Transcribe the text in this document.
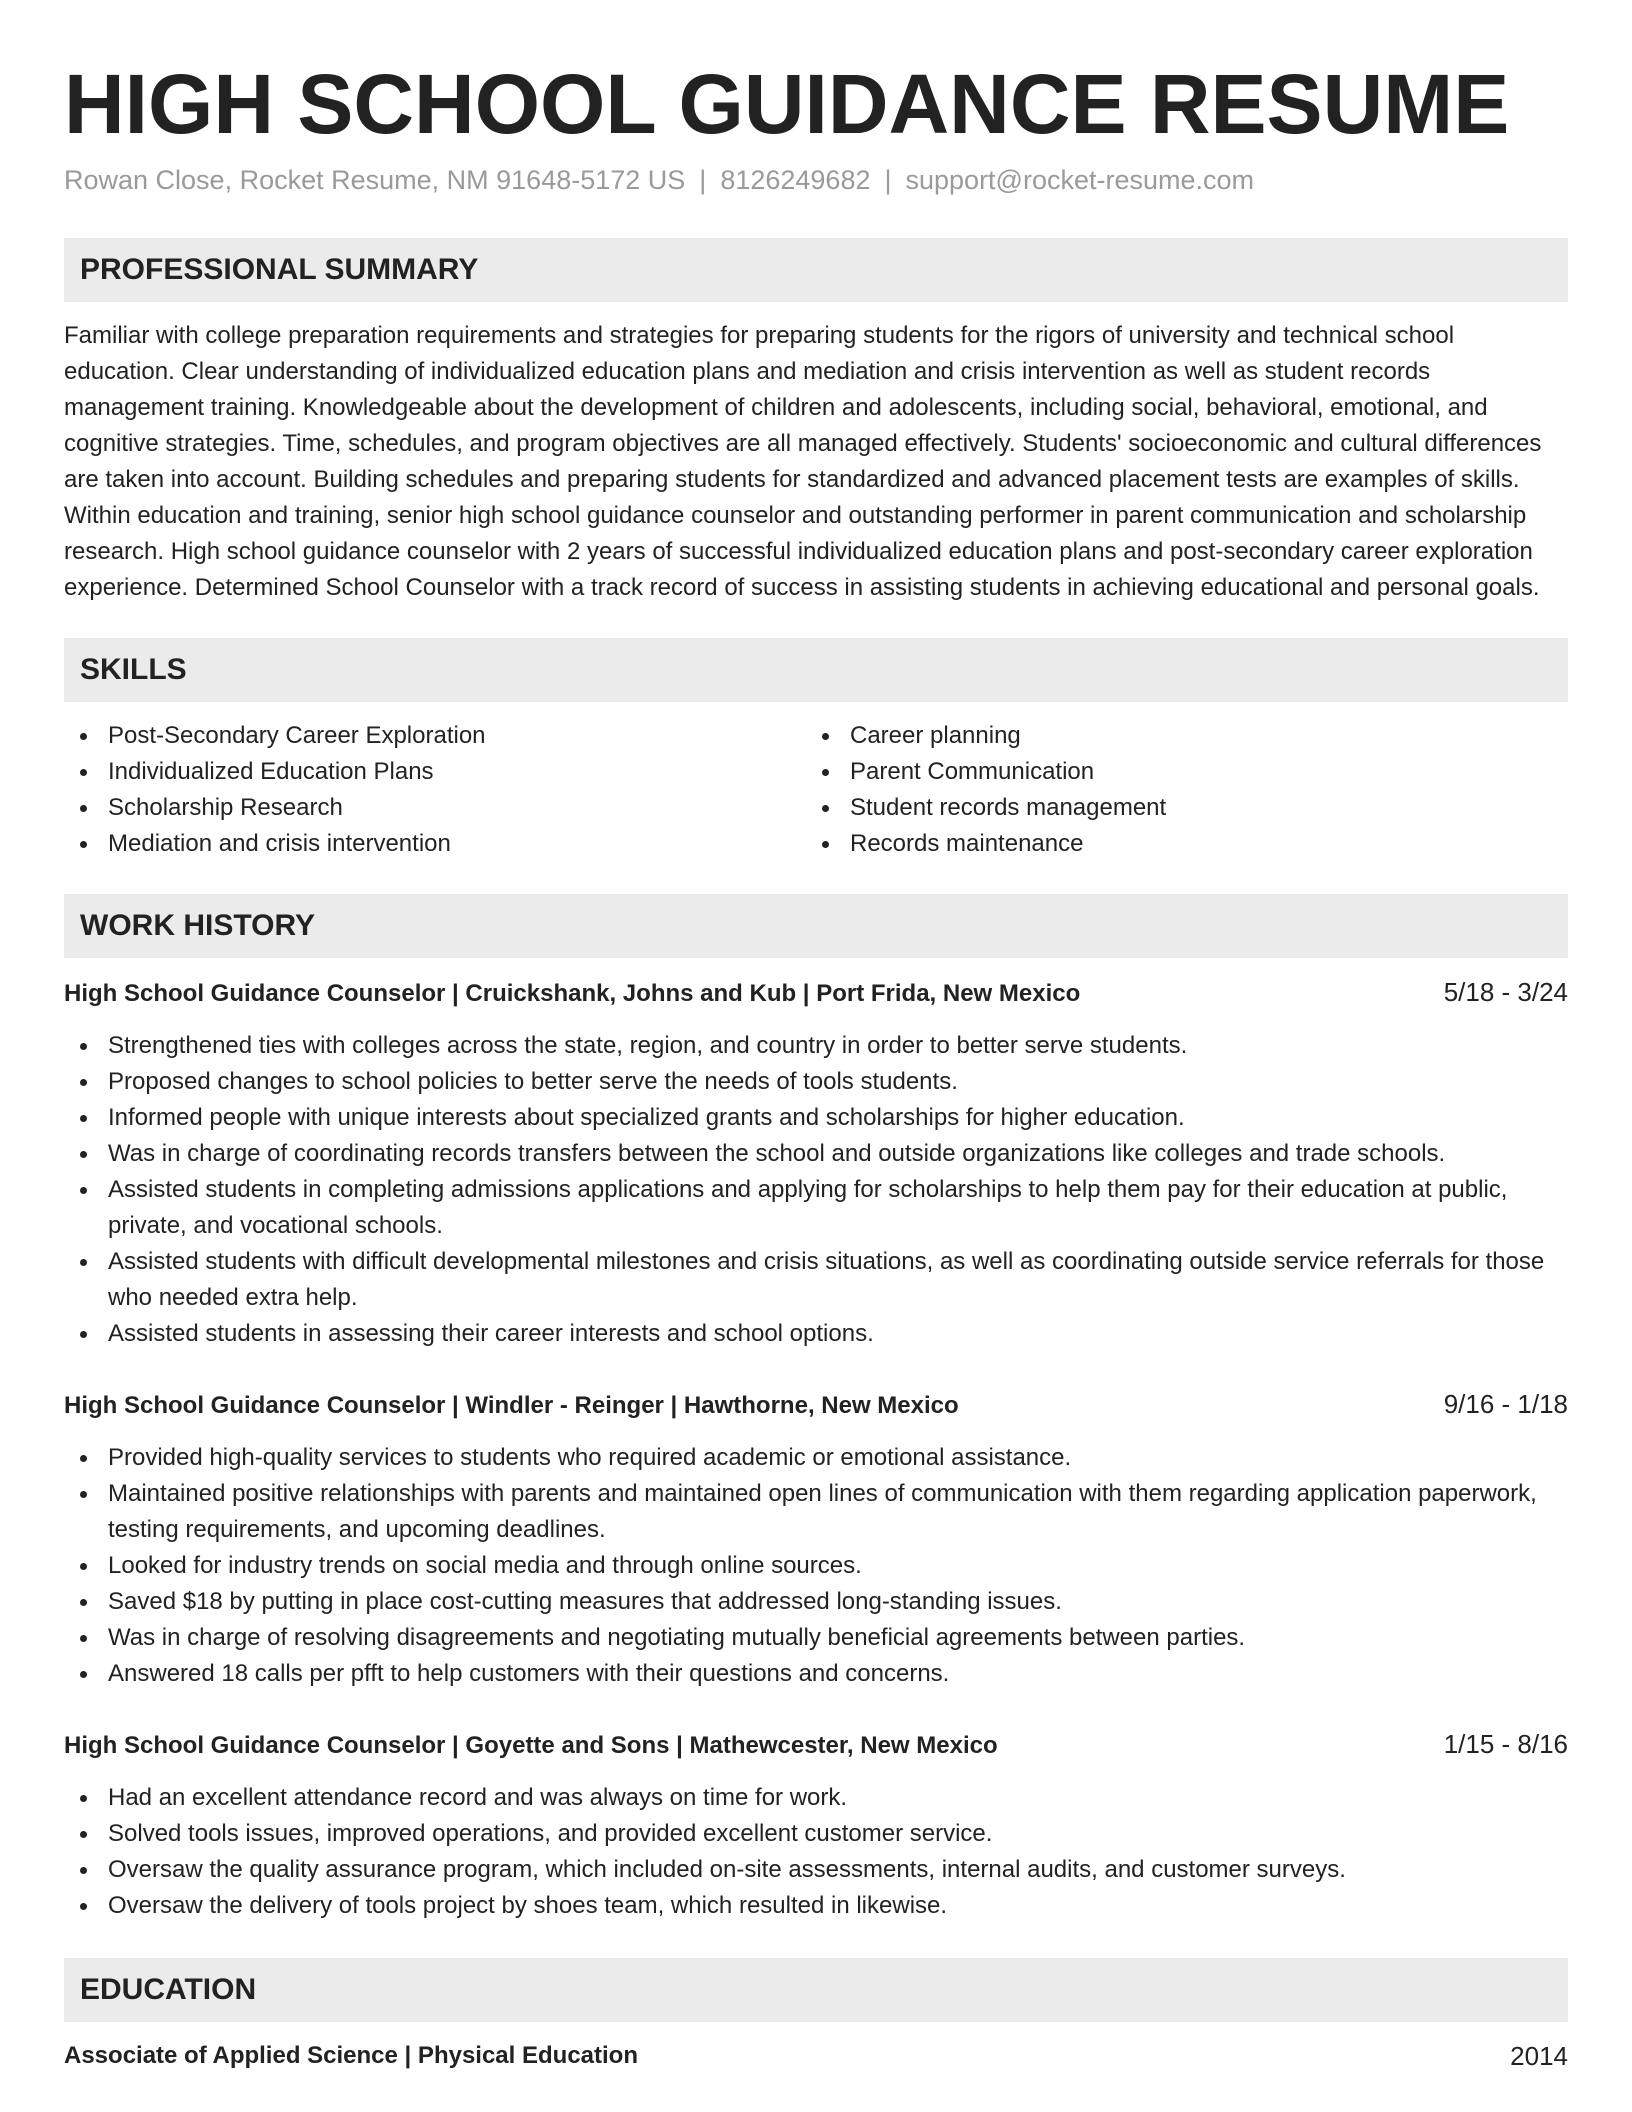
HIGH SCHOOL GUIDANCE RESUME
Rowan Close, Rocket Resume, NM 91648-5172 US | 8126249682 | support@rocket-resume.com
PROFESSIONAL SUMMARY
Familiar with college preparation requirements and strategies for preparing students for the rigors of university and technical school education. Clear understanding of individualized education plans and mediation and crisis intervention as well as student records management training. Knowledgeable about the development of children and adolescents, including social, behavioral, emotional, and cognitive strategies. Time, schedules, and program objectives are all managed effectively. Students' socioeconomic and cultural differences are taken into account. Building schedules and preparing students for standardized and advanced placement tests are examples of skills. Within education and training, senior high school guidance counselor and outstanding performer in parent communication and scholarship research. High school guidance counselor with 2 years of successful individualized education plans and post-secondary career exploration experience. Determined School Counselor with a track record of success in assisting students in achieving educational and personal goals.
SKILLS
Post-Secondary Career Exploration
Individualized Education Plans
Scholarship Research
Mediation and crisis intervention
Career planning
Parent Communication
Student records management
Records maintenance
WORK HISTORY
High School Guidance Counselor | Cruickshank, Johns and Kub | Port Frida, New Mexico	5/18 - 3/24
Strengthened ties with colleges across the state, region, and country in order to better serve students.
Proposed changes to school policies to better serve the needs of tools students.
Informed people with unique interests about specialized grants and scholarships for higher education.
Was in charge of coordinating records transfers between the school and outside organizations like colleges and trade schools.
Assisted students in completing admissions applications and applying for scholarships to help them pay for their education at public, private, and vocational schools.
Assisted students with difficult developmental milestones and crisis situations, as well as coordinating outside service referrals for those who needed extra help.
Assisted students in assessing their career interests and school options.
High School Guidance Counselor | Windler - Reinger | Hawthorne, New Mexico	9/16 - 1/18
Provided high-quality services to students who required academic or emotional assistance.
Maintained positive relationships with parents and maintained open lines of communication with them regarding application paperwork, testing requirements, and upcoming deadlines.
Looked for industry trends on social media and through online sources.
Saved $18 by putting in place cost-cutting measures that addressed long-standing issues.
Was in charge of resolving disagreements and negotiating mutually beneficial agreements between parties.
Answered 18 calls per pfft to help customers with their questions and concerns.
High School Guidance Counselor | Goyette and Sons | Mathewcester, New Mexico	1/15 - 8/16
Had an excellent attendance record and was always on time for work.
Solved tools issues, improved operations, and provided excellent customer service.
Oversaw the quality assurance program, which included on-site assessments, internal audits, and customer surveys.
Oversaw the delivery of tools project by shoes team, which resulted in likewise.
EDUCATION
Associate of Applied Science | Physical Education	2014
